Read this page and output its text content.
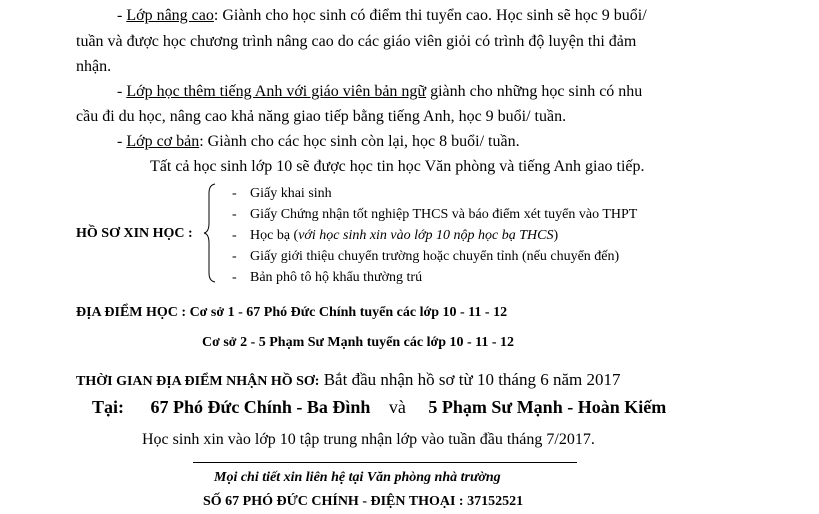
- Lớp nâng cao: Giành cho học sinh có điểm thi tuyển cao. Học sinh sẽ học 9 buổi/
tuần và được học chương trình nâng cao do các giáo viên giỏi có trình độ luyện thi đảm
nhận.
- Lớp học thêm tiếng Anh với giáo viên bản ngữ giành cho những học sinh có nhu
cầu đi du học, nâng cao khả năng giao tiếp bằng tiếng Anh, học 9 buổi/ tuần.
- Lớp cơ bản: Giành cho các học sinh còn lại, học 8 buổi/ tuần.
Tất cả học sinh lớp 10 sẽ được học tin học Văn phòng và tiếng Anh giao tiếp.
HỒ SƠ XIN HỌC :
- Giấy khai sinh
- Giấy Chứng nhận tốt nghiệp THCS và báo điểm xét tuyển vào THPT
- Học bạ (với học sinh xin vào lớp 10 nộp học bạ THCS)
- Giấy giới thiệu chuyển trường hoặc chuyển tỉnh (nếu chuyển đến)
- Bản phô tô hộ khẩu thường trú
ĐỊA ĐIỂM HỌC : Cơ sở 1 - 67 Phó Đức Chính tuyển các lớp 10 - 11 - 12
Cơ sở 2 - 5 Phạm Sư Mạnh tuyển các lớp 10 - 11 - 12
THỜI GIAN ĐỊA ĐIỂM NHẬN HỒ SƠ: Bắt đầu nhận hồ sơ từ 10 tháng 6 năm 2017
Tại: 67 Phó Đức Chính - Ba Đình và 5 Phạm Sư Mạnh - Hoàn Kiếm
Học sinh xin vào lớp 10 tập trung nhận lớp vào tuần đầu tháng 7/2017.
Mọi chi tiết xin liên hệ tại Văn phòng nhà trường
SỐ 67 PHÓ ĐỨC CHÍNH - ĐIỆN THOẠI : 37152521
